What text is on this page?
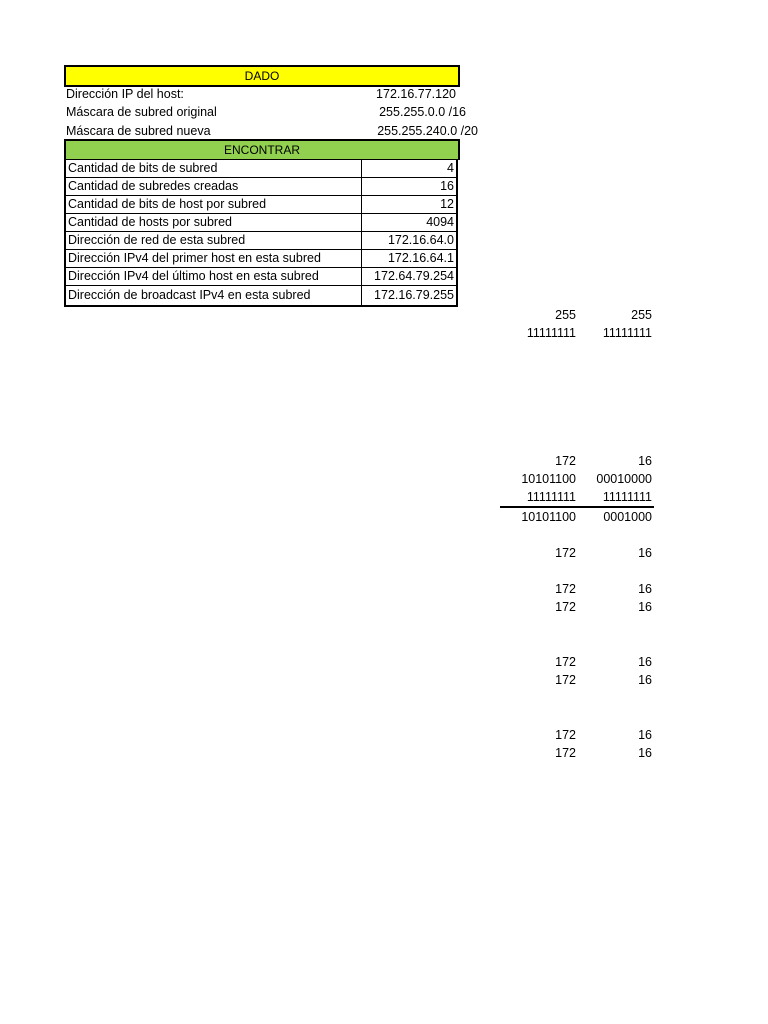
DADO
Dirección IP del host:	172.16.77.120
Máscara de subred original	255.255.0.0 /16
Máscara de subred nueva	255.255.240.0 /20
ENCONTRAR
Cantidad de bits de subred	4
Cantidad de subredes creadas	16
Cantidad de bits de host por subred	12
Cantidad de hosts por subred	4094
Dirección de red de esta subred	172.16.64.0
Dirección IPv4 del primer host en esta subred	172.16.64.1
Dirección IPv4 del último host en esta subred	172.64.79.254
Dirección de broadcast IPv4 en esta subred	172.16.79.255
255	255
11111111	11111111
172	16
10101100	00010000
11111111	11111111
10101100	0001000
172	16
172	16
172	16
172	16
172	16
172	16
172	16
